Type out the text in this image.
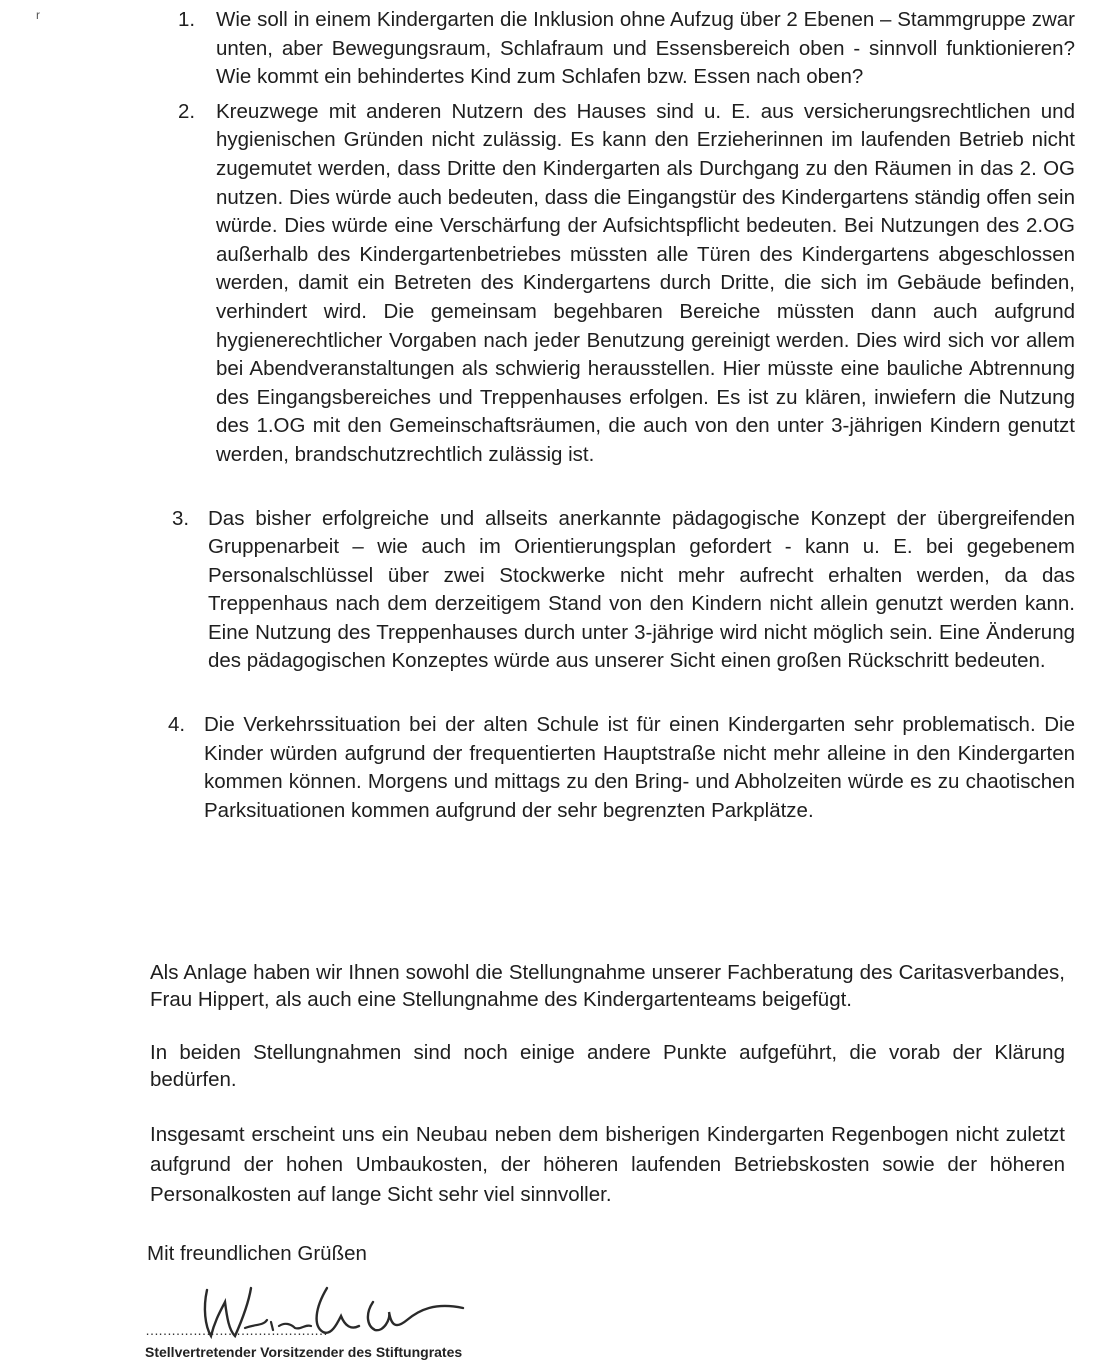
r	1. Wie soll in einem Kindergarten die Inklusion ohne Aufzug über 2 Ebenen – Stammgruppe zwar unten, aber Bewegungsraum, Schlafraum und Essensbereich oben - sinnvoll funktionieren? Wie kommt ein behindertes Kind zum Schlafen bzw. Essen nach oben?
2. Kreuzwege mit anderen Nutzern des Hauses sind u. E. aus versicherungsrechtlichen und hygienischen Gründen nicht zulässig. Es kann den Erzieherinnen im laufenden Betrieb nicht zugemutet werden, dass Dritte den Kindergarten als Durchgang zu den Räumen in das 2. OG nutzen. Dies würde auch bedeuten, dass die Eingangstür des Kindergartens ständig offen sein würde. Dies würde eine Verschärfung der Aufsichtspflicht bedeuten. Bei Nutzungen des 2.OG außerhalb des Kindergartenbetriebes müssten alle Türen des Kindergartens abgeschlossen werden, damit ein Betreten des Kindergartens durch Dritte, die sich im Gebäude befinden, verhindert wird. Die gemeinsam begehbaren Bereiche müssten dann auch aufgrund hygienerechtlicher Vorgaben nach jeder Benutzung gereinigt werden. Dies wird sich vor allem bei Abendveranstaltungen als schwierig herausstellen. Hier müsste eine bauliche Abtrennung des Eingangsbereiches und Treppenhauses erfolgen. Es ist zu klären, inwiefern die Nutzung des 1.OG mit den Gemeinschaftsräumen, die auch von den unter 3-jährigen Kindern genutzt werden, brandschutzrechtlich zulässig ist.
3. Das bisher erfolgreiche und allseits anerkannte pädagogische Konzept der übergreifenden Gruppenarbeit – wie auch im Orientierungsplan gefordert - kann u. E. bei gegebenem Personalschlüssel über zwei Stockwerke nicht mehr aufrecht erhalten werden, da das Treppenhaus nach dem derzeitigem Stand von den Kindern nicht allein genutzt werden kann. Eine Nutzung des Treppenhauses durch unter 3-jährige wird nicht möglich sein. Eine Änderung des pädagogischen Konzeptes würde aus unserer Sicht einen großen Rückschritt bedeuten.
4. Die Verkehrssituation bei der alten Schule ist für einen Kindergarten sehr problematisch. Die Kinder würden aufgrund der frequentierten Hauptstraße nicht mehr alleine in den Kindergarten kommen können. Morgens und mittags zu den Bring- und Abholzeiten würde es zu chaotischen Parksituationen kommen aufgrund der sehr begrenzten Parkplätze.

Als Anlage haben wir Ihnen sowohl die Stellungnahme unserer Fachberatung des Caritasverbandes, Frau Hippert, als auch eine Stellungnahme des Kindergartenteams beigefügt.

In beiden Stellungnahmen sind noch einige andere Punkte aufgeführt, die vorab der Klärung bedürfen.

Insgesamt erscheint uns ein Neubau neben dem bisherigen Kindergarten Regenbogen nicht zuletzt aufgrund der hohen Umbaukosten, der höheren laufenden Betriebskosten sowie der höheren Personalkosten auf lange Sicht sehr viel sinnvoller.

Mit freundlichen Grüßen
……………………………………
Stellvertretender Vorsitzender des Stiftungrates
